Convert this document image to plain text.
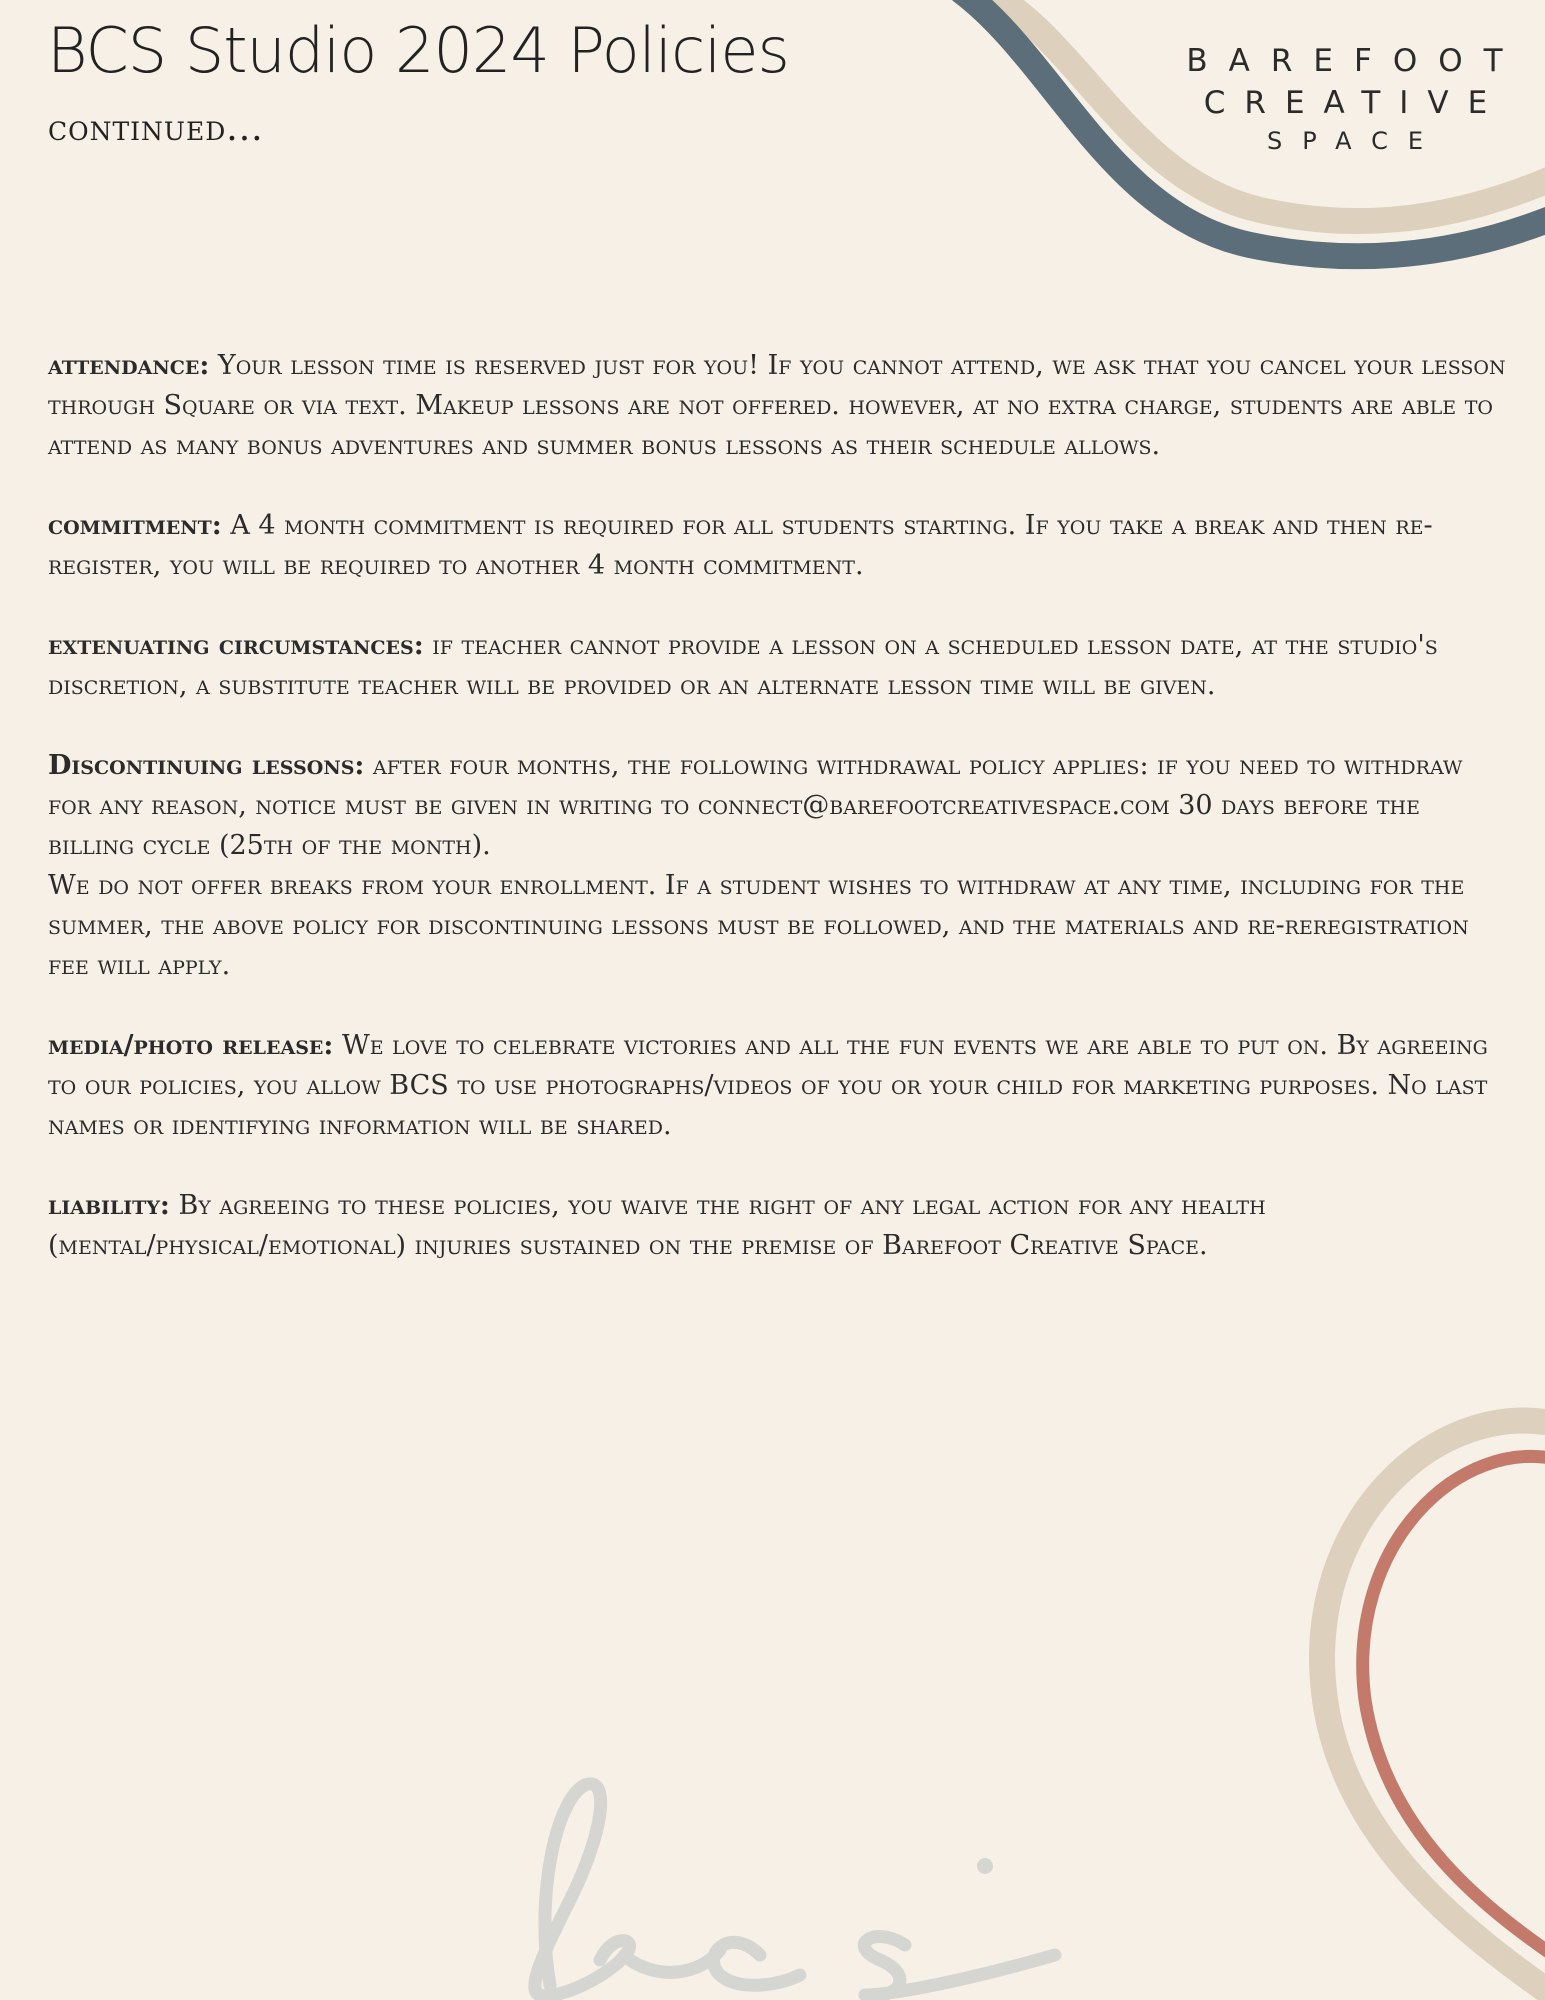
BCS Studio 2024 Policies

continued...

BAREFOOT
CREATIVE
SPACE

attendance: Your lesson time is reserved just for you! If you cannot attend, we ask that you cancel your lesson through Square or via text. Makeup lessons are not offered. however, at no extra charge, students are able to attend as many bonus adventures and summer bonus lessons as their schedule allows.

commitment: A 4 month commitment is required for all students starting. If you take a break and then re-register, you will be required to another 4 month commitment.

extenuating circumstances: if teacher cannot provide a lesson on a scheduled lesson date, at the studio's discretion, a substitute teacher will be provided or an alternate lesson time will be given.

Discontinuing lessons: after four months, the following withdrawal policy applies: if you need to withdraw for any reason, notice must be given in writing to connect@barefootcreativespace.com 30 days before the billing cycle (25th of the month).

We do not offer breaks from your enrollment. If a student wishes to withdraw at any time, including for the summer, the above policy for discontinuing lessons must be followed, and the materials and re-reregistration fee will apply.

media/photo release: We love to celebrate victories and all the fun events we are able to put on. By agreeing to our policies, you allow BCS to use photographs/videos of you or your child for marketing purposes. No last names or identifying information will be shared.

liability: By agreeing to these policies, you waive the right of any legal action for any health (mental/physical/emotional) injuries sustained on the premise of Barefoot Creative Space.
